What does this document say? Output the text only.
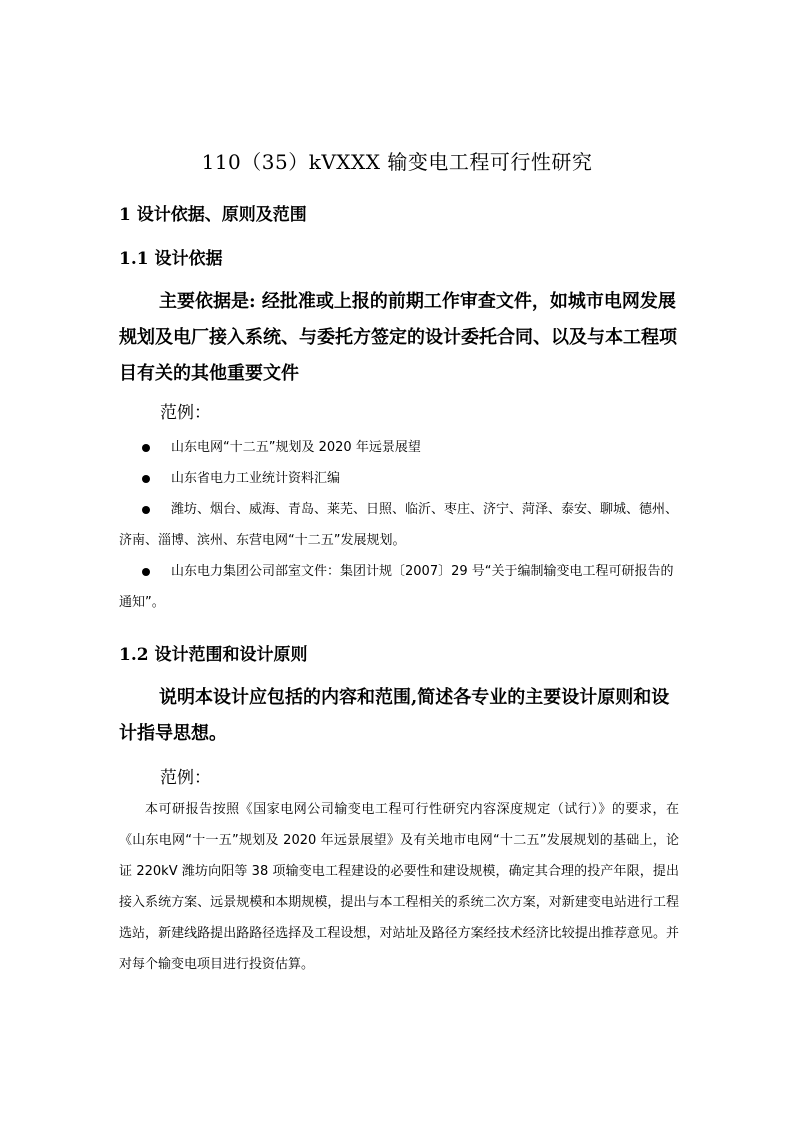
110（35）kVXXX 输变电工程可行性研究
1 设计依据、原则及范围
1.1 设计依据

主要依据是: 经批准或上报的前期工作审查文件，如城市电网发展规划及电厂接入系统、与委托方签定的设计委托合同、以及与本工程项目有关的其他重要文件

范例：
山东电网“十二五”规划及 2020 年远景展望
山东省电力工业统计资料汇编
潍坊、烟台、威海、青岛、莱芜、日照、临沂、枣庄、济宁、菏泽、泰安、聊城、德州、济南、淄博、滨州、东营电网“十二五”发展规划。
山东电力集团公司部室文件：集团计规〔2007〕29 号“关于编制输变电工程可研报告的通知”。
1.2 设计范围和设计原则

说明本设计应包括的内容和范围,简述各专业的主要设计原则和设计指导思想。

范例：

本可研报告按照《国家电网公司输变电工程可行性研究内容深度规定（试行）》的要求，在《山东电网“十一五”规划及 2020 年远景展望》及有关地市电网“十二五”发展规划的基础上，论证 220kV 潍坊向阳等 38 项输变电工程建设的必要性和建设规模，确定其合理的投产年限，提出接入系统方案、远景规模和本期规模，提出与本工程相关的系统二次方案，对新建变电站进行工程选站，新建线路提出路路径选择及工程设想，对站址及路径方案经技术经济比较提出推荐意见。并对每个输变电项目进行投资估算。
